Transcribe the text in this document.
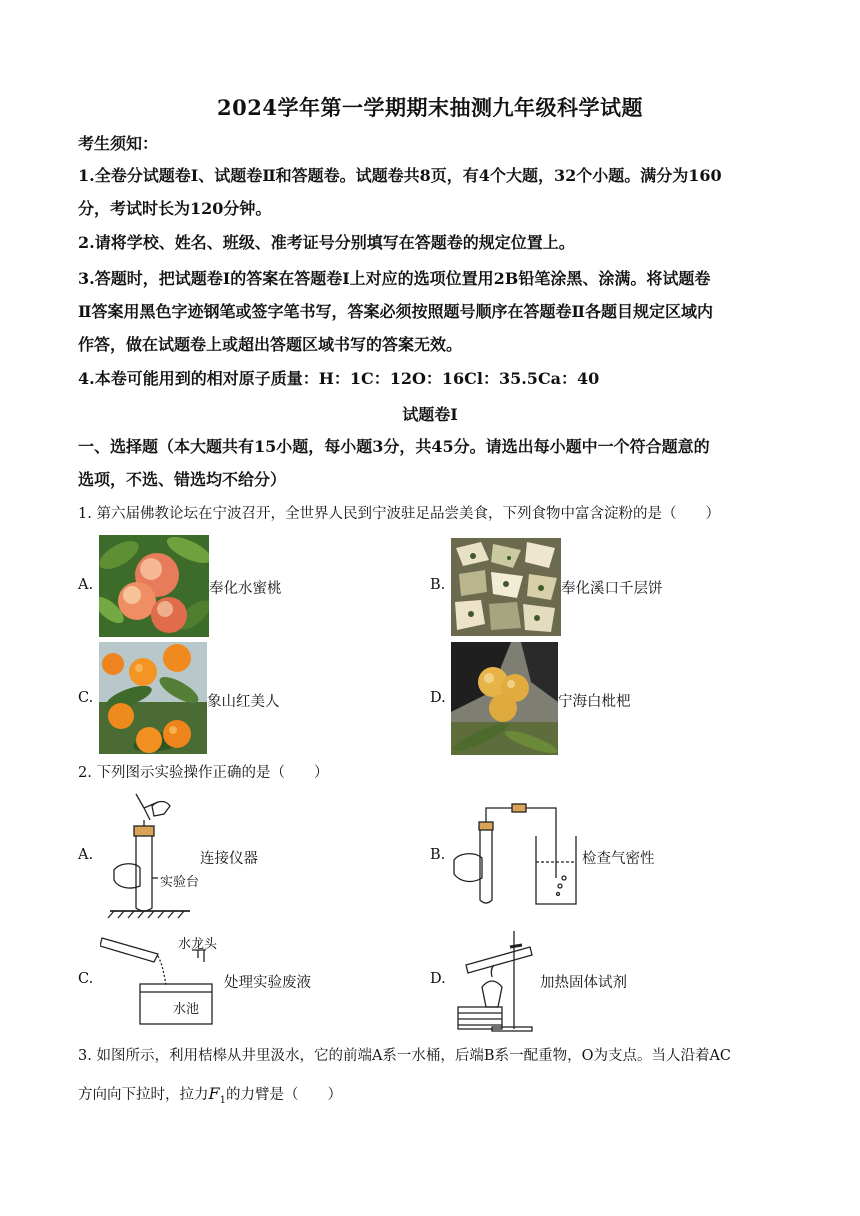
2024学年第一学期期末抽测九年级科学试题
考生须知：
1.全卷分试题卷Ⅰ、试题卷Ⅱ和答题卷。试题卷共8页，有4个大题，32个小题。满分为160
分，考试时长为120分钟。
2.请将学校、姓名、班级、准考证号分别填写在答题卷的规定位置上。
3.答题时，把试题卷Ⅰ的答案在答题卷Ⅰ上对应的选项位置用2B铅笔涂黑、涂满。将试题卷
Ⅱ答案用黑色字迹钢笔或签字笔书写，答案必须按照题号顺序在答题卷Ⅱ各题目规定区域内
作答，做在试题卷上或超出答题区域书写的答案无效。
4.本卷可能用到的相对原子质量：H：1C：12O：16Cl：35.5Ca：40
试题卷Ⅰ
一、选择题（本大题共有15小题，每小题3分，共45分。请选出每小题中一个符合题意的
选项，不选、错选均不给分）
1. 第六届佛教论坛在宁波召开，全世界人民到宁波驻足品尝美食，下列食物中富含淀粉的是（　　）
A.	奉化水蜜桃	B.	奉化溪口千层饼
C.	象山红美人	D.	宁海白枇杷
2. 下列图示实验操作正确的是（　　）
A.
实验台
连接仪器	B.	检查气密性
C.
水龙头
水池
处理实验废液	D.	加热固体试剂
3. 如图所示，利用桔槔从井里汲水，它的前端A系一水桶，后端B系一配重物，O为支点。当人沿着AC
方向向下拉时，拉力$F_1$的力臂是（　　）
